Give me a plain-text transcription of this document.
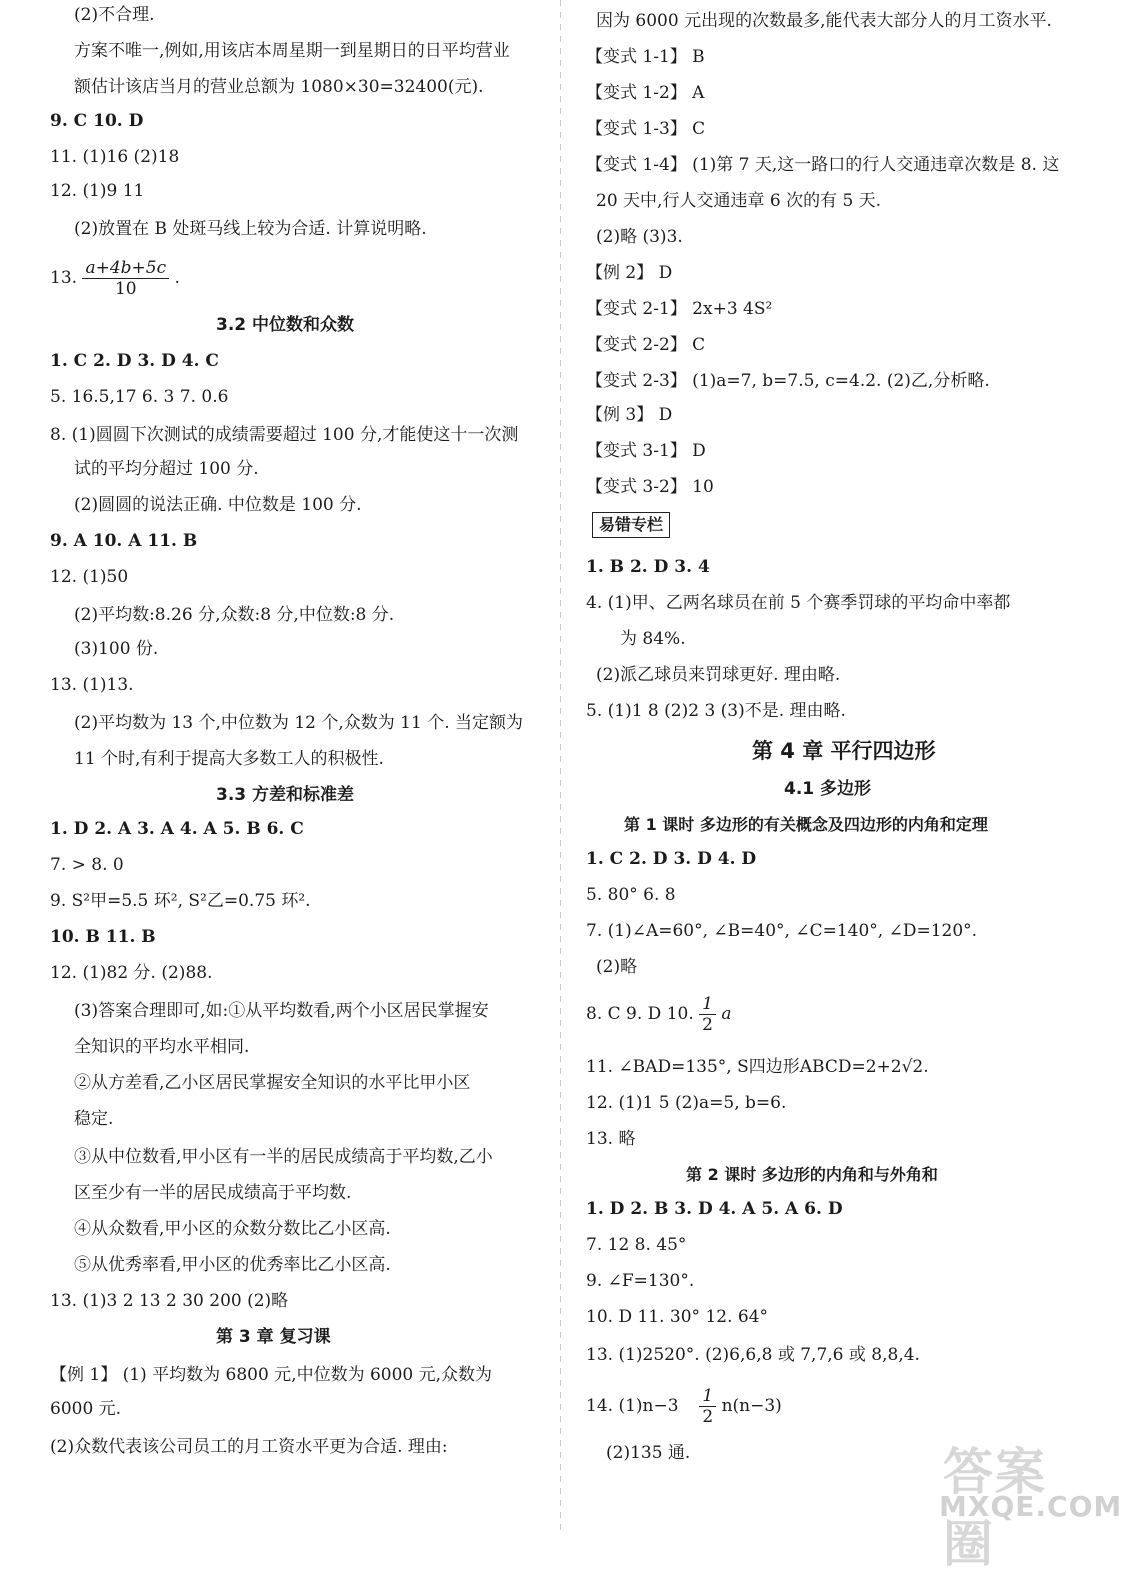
(2)不合理.
方案不唯一,例如,用该店本周星期一到星期日的日平均营业
额估计该店当月的营业总额为 1080×30=32400(元).
9. C 10. D
11. (1)16 (2)18
12. (1)9 11
(2)放置在 B 处斑马线上较为合适. 计算说明略.
13. $\frac{a+4b+5c}{10}$ .
3.2 中位数和众数
1. C 2. D 3. D 4. C
5. 16.5,17 6. 3 7. 0.6
8. (1)圆圆下次测试的成绩需要超过 100 分,才能使这十一次测
试的平均分超过 100 分.
(2)圆圆的说法正确. 中位数是 100 分.
9. A 10. A 11. B
12. (1)50
(2)平均数:8.26 分,众数:8 分,中位数:8 分.
(3)100 份.
13. (1)13.
(2)平均数为 13 个,中位数为 12 个,众数为 11 个. 当定额为
11 个时,有利于提高大多数工人的积极性.
3.3 方差和标准差
1. D 2. A 3. A 4. A 5. B 6. C
7. > 8. 0
9. S²甲=5.5 环², S²乙=0.75 环².
10. B 11. B
12. (1)82 分. (2)88.
(3)答案合理即可,如:①从平均数看,两个小区居民掌握安
全知识的平均水平相同.
②从方差看,乙小区居民掌握安全知识的水平比甲小区
稳定.
③从中位数看,甲小区有一半的居民成绩高于平均数,乙小
区至少有一半的居民成绩高于平均数.
④从众数看,甲小区的众数分数比乙小区高.
⑤从优秀率看,甲小区的优秀率比乙小区高.
13. (1)3 2 13 2 30 200 (2)略
第 3 章 复习课
【例 1】 (1) 平均数为 6800 元,中位数为 6000 元,众数为
6000 元.
(2)众数代表该公司员工的月工资水平更为合适. 理由:
因为 6000 元出现的次数最多,能代表大部分人的月工资水平.
【变式 1-1】 B
【变式 1-2】 A
【变式 1-3】 C
【变式 1-4】 (1)第 7 天,这一路口的行人交通违章次数是 8. 这
20 天中,行人交通违章 6 次的有 5 天.
(2)略 (3)3.
【例 2】 D
【变式 2-1】 2x+3 4S²
【变式 2-2】 C
【变式 2-3】 (1)a=7, b=7.5, c=4.2. (2)乙,分析略.
【例 3】 D
【变式 3-1】 D
【变式 3-2】 10
易错专栏
1. B 2. D 3. 4
4. (1)甲、乙两名球员在前 5 个赛季罚球的平均命中率都
为 84%.
(2)派乙球员来罚球更好. 理由略.
5. (1)1 8 (2)2 3 (3)不是. 理由略.
第 4 章 平行四边形
4.1 多边形
第 1 课时 多边形的有关概念及四边形的内角和定理
1. C 2. D 3. D 4. D
5. 80° 6. 8
7. (1)∠A=60°, ∠B=40°, ∠C=140°, ∠D=120°.
(2)略
8. C 9. D 10. $\frac{1}{2}$ a
11. ∠BAD=135°, S四边形ABCD=2+2√2.
12. (1)1 5 (2)a=5, b=6.
13. 略
第 2 课时 多边形的内角和与外角和
1. D 2. B 3. D 4. A 5. A 6. D
7. 12 8. 45°
9. ∠F=130°.
10. D 11. 30° 12. 64°
13. (1)2520°. (2)6,6,8 或 7,7,6 或 8,8,4.
14. $(1)n-3 \frac{1}{2} n(n-3)$
(2)135 通.	答案圈
MXQE.COM
